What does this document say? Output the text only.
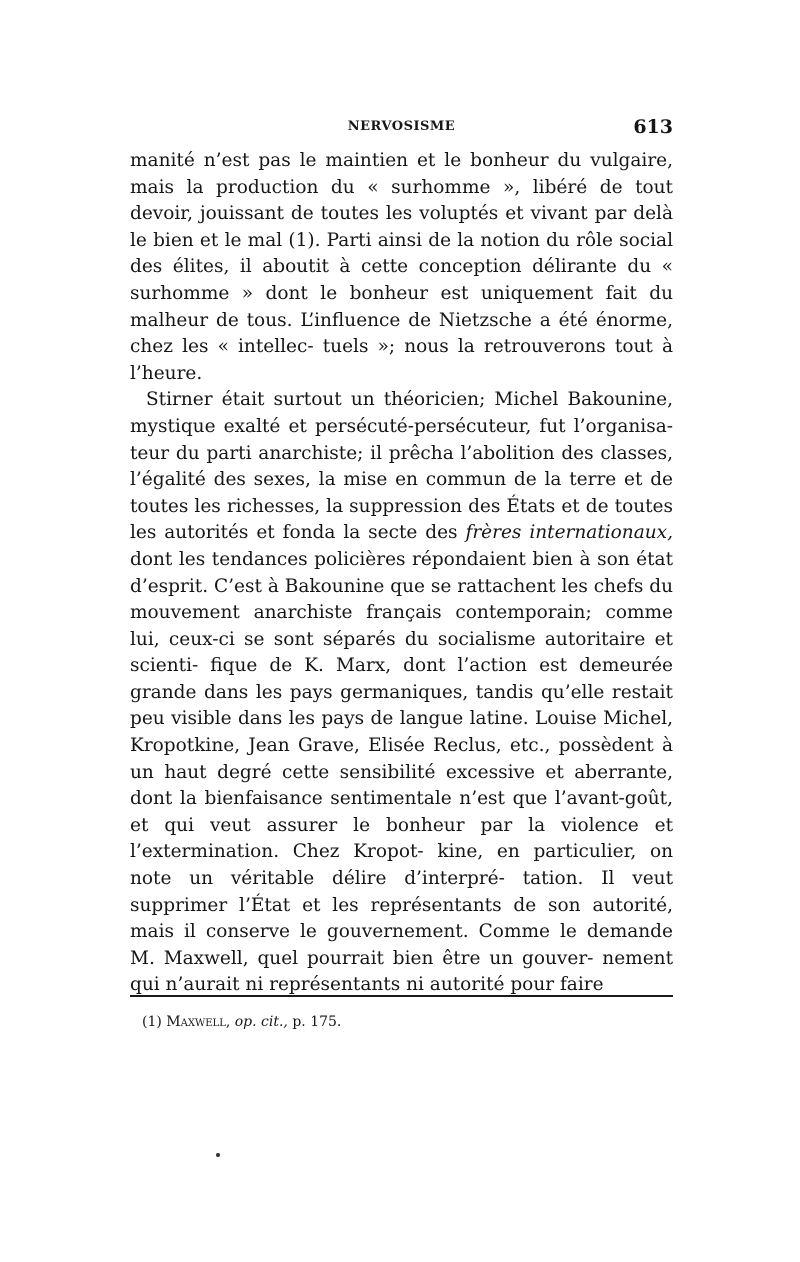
NERVOSISME	613

manité n’est pas le maintien et le bonheur du vulgaire, mais la production du « surhomme », libéré de tout devoir, jouissant de toutes les voluptés et vivant par delà le bien et le mal (1). Parti ainsi de la notion du rôle social des élites, il aboutit à cette conception délirante du « surhomme » dont le bonheur est uniquement fait du malheur de tous. L’influence de Nietzsche a été énorme, chez les « intellec- tuels »; nous la retrouverons tout à l’heure.

Stirner était surtout un théoricien; Michel Bakounine, mystique exalté et persécuté-persécuteur, fut l’organisa- teur du parti anarchiste; il prêcha l’abolition des classes, l’égalité des sexes, la mise en commun de la terre et de toutes les richesses, la suppression des États et de toutes les autorités et fonda la secte des frères internationaux, dont les tendances policières répondaient bien à son état d’esprit. C’est à Bakounine que se rattachent les chefs du mouvement anarchiste français contemporain; comme lui, ceux-ci se sont séparés du socialisme autoritaire et scienti- fique de K. Marx, dont l’action est demeurée grande dans les pays germaniques, tandis qu’elle restait peu visible dans les pays de langue latine. Louise Michel, Kropotkine, Jean Grave, Elisée Reclus, etc., possèdent à un haut degré cette sensibilité excessive et aberrante, dont la bienfaisance sentimentale n’est que l’avant-goût, et qui veut assurer le bonheur par la violence et l’extermination. Chez Kropot- kine, en particulier, on note un véritable délire d’interpré- tation. Il veut supprimer l’État et les représentants de son autorité, mais il conserve le gouvernement. Comme le demande M. Maxwell, quel pourrait bien être un gouver- nement qui n’aurait ni représentants ni autorité pour faire

(1) Maxwell, op. cit., p. 175.
